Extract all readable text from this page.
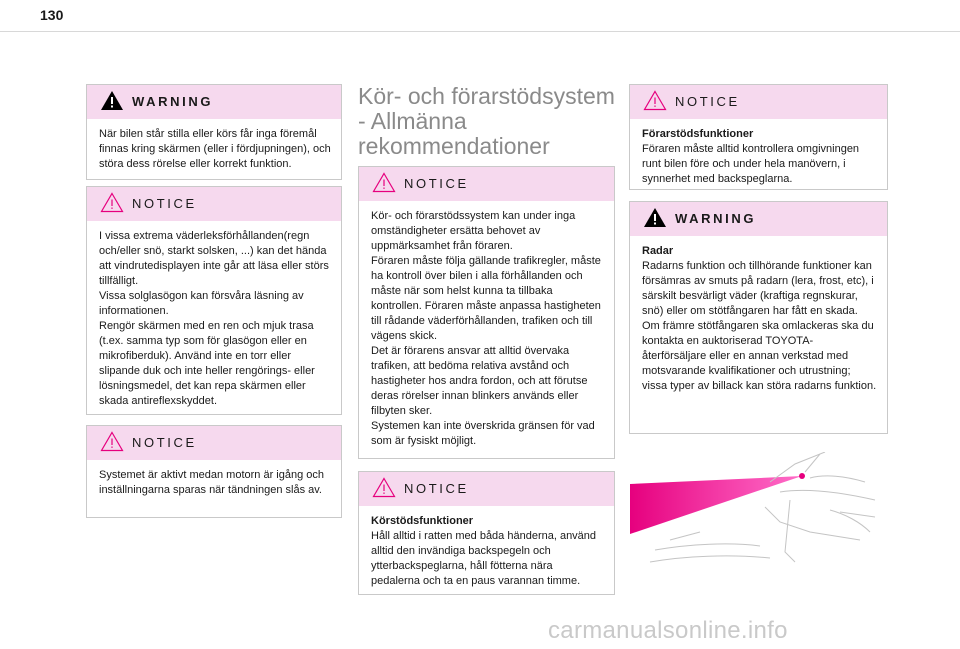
130
WARNING

När bilen står stilla eller körs får inga föremål finnas kring skärmen (eller i fördjupningen), och störa dess rörelse eller korrekt funktion.

NOTICE

I vissa extrema väderleksförhållanden(regn och/eller snö, starkt solsken, ...) kan det hända att vindrutedisplayen inte går att läsa eller störs tillfälligt.

Vissa solglasögon kan försvåra läsning av informationen.

Rengör skärmen med en ren och mjuk trasa (t.ex. samma typ som för glasögon eller en mikrofiberduk). Använd inte en torr eller slipande duk och inte heller rengörings- eller lösningsmedel, det kan repa skärmen eller skada antireflexskyddet.

NOTICE

Systemet är aktivt medan motorn är igång och inställningarna sparas när tändningen slås av.

Kör- och förarstödsystem
- Allmänna
rekommendationer
NOTICE

Kör- och förarstödssystem kan under inga omständigheter ersätta behovet av uppmärksamhet från föraren.

Föraren måste följa gällande trafikregler, måste ha kontroll över bilen i alla förhållanden och måste när som helst kunna ta tillbaka kontrollen. Föraren måste anpassa hastigheten till rådande väderförhållanden, trafiken och till vägens skick.

Det är förarens ansvar att alltid övervaka trafiken, att bedöma relativa avstånd och hastigheter hos andra fordon, och att förutse deras rörelser innan blinkers används eller filbyten sker.

Systemen kan inte överskrida gränsen för vad som är fysiskt möjligt.

NOTICE
Körstödsfunktioner

Håll alltid i ratten med båda händerna, använd alltid den invändiga backspegeln och ytterbackspeglarna, håll fötterna nära pedalerna och ta en paus varannan timme.

NOTICE
Förarstödsfunktioner

Föraren måste alltid kontrollera omgivningen runt bilen före och under hela manövern, i synnerhet med backspeglarna.

WARNING
Radar

Radarns funktion och tillhörande funktioner kan försämras av smuts på radarn (lera, frost, etc), i särskilt besvärligt väder (kraftiga regnskurar, snö) eller om stötfångaren har fått en skada.

Om främre stötfångaren ska omlackeras ska du kontakta en auktoriserad TOYOTA-återförsäljare eller en annan verkstad med motsvarande kvalifikationer och utrustning; vissa typer av billack kan störa radarns funktion.

carmanualsonline.info
